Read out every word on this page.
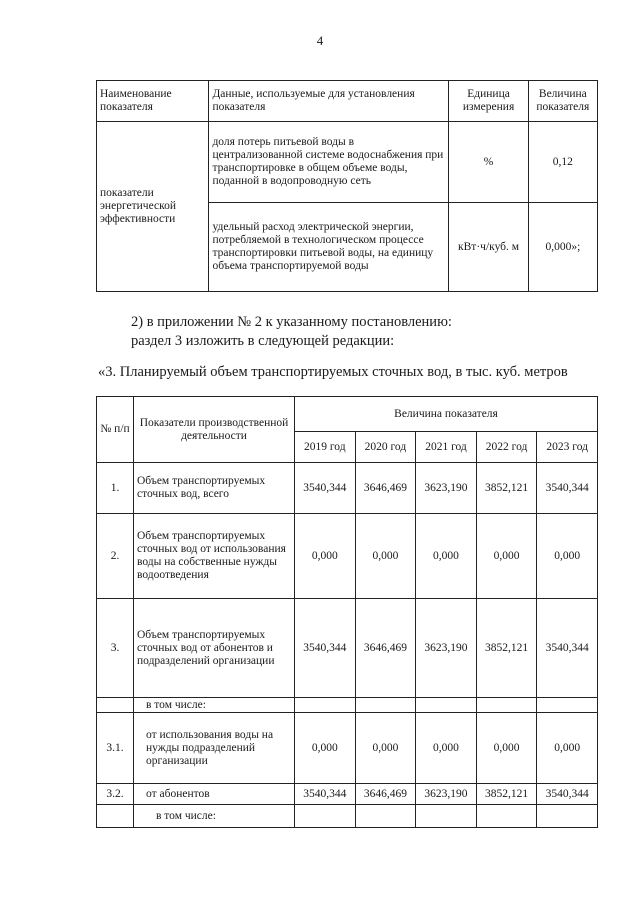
4
Наименование показателя	Данные, используемые для установления показателя	Единица измерения	Величина показателя
показатели энергетической эффективности	доля потерь питьевой воды в централизованной системе водоснабжения при транспортировке в общем объеме воды, поданной в водопроводную сеть	%	0,12
	удельный расход электрической энергии, потребляемой в технологическом процессе транспортировки питьевой воды, на единицу объема транспортируемой воды	кВт·ч/куб. м	0,000»;
2) в приложении № 2 к указанному постановлению:
раздел 3 изложить в следующей редакции:
«3. Планируемый объем транспортируемых сточных вод, в тыс. куб. метров
№ п/п	Показатели производственной деятельности	Величина показателя				
		2019 год	2020 год	2021 год	2022 год	2023 год
1.	Объем транспортируемых сточных вод, всего	3540,344	3646,469	3623,190	3852,121	3540,344
2.	Объем транспортируемых сточных вод от использования воды на собственные нужды водоотведения	0,000	0,000	0,000	0,000	0,000
3.	Объем транспортируемых сточных вод от абонентов и подразделений организации	3540,344	3646,469	3623,190	3852,121	3540,344
	в том числе:					
3.1.	от использования воды на нужды подразделений организации	0,000	0,000	0,000	0,000	0,000
3.2.	от абонентов	3540,344	3646,469	3623,190	3852,121	3540,344
	в том числе:					
